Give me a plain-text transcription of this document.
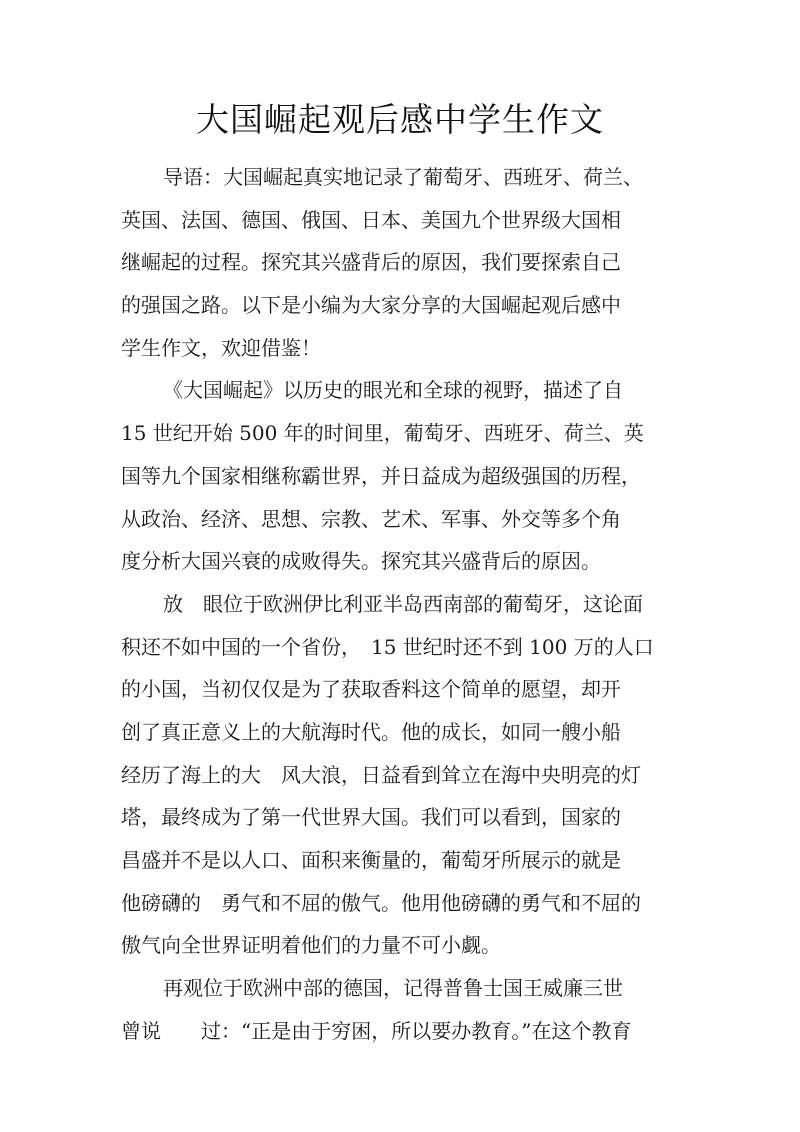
大国崛起观后感中学生作文
导语：大国崛起真实地记录了葡萄牙、西班牙、荷兰、
英国、法国、德国、俄国、日本、美国九个世界级大国相
继崛起的过程。探究其兴盛背后的原因，我们要探索自己
的强国之路。以下是小编为大家分享的大国崛起观后感中
学生作文，欢迎借鉴！
《大国崛起》以历史的眼光和全球的视野，描述了自
15 世纪开始 500 年的时间里，葡萄牙、西班牙、荷兰、英
国等九个国家相继称霸世界，并日益成为超级强国的历程，
从政治、经济、思想、宗教、艺术、军事、外交等多个角
度分析大国兴衰的成败得失。探究其兴盛背后的原因。
放　眼位于欧洲伊比利亚半岛西南部的葡萄牙，这论面
积还不如中国的一个省份，　15 世纪时还不到 100 万的人口
的小国，当初仅仅是为了获取香料这个简单的愿望，却开
创了真正意义上的大航海时代。他的成长，如同一艘小船
经历了海上的大　风大浪，日益看到耸立在海中央明亮的灯
塔，最终成为了第一代世界大国。我们可以看到，国家的
昌盛并不是以人口、面积来衡量的，葡萄牙所展示的就是
他磅礴的　勇气和不屈的傲气。他用他磅礴的勇气和不屈的
傲气向全世界证明着他们的力量不可小觑。
再观位于欧洲中部的德国，记得普鲁士国王威廉三世
曾说　　过：“正是由于穷困，所以要办教育。”在这个教育
